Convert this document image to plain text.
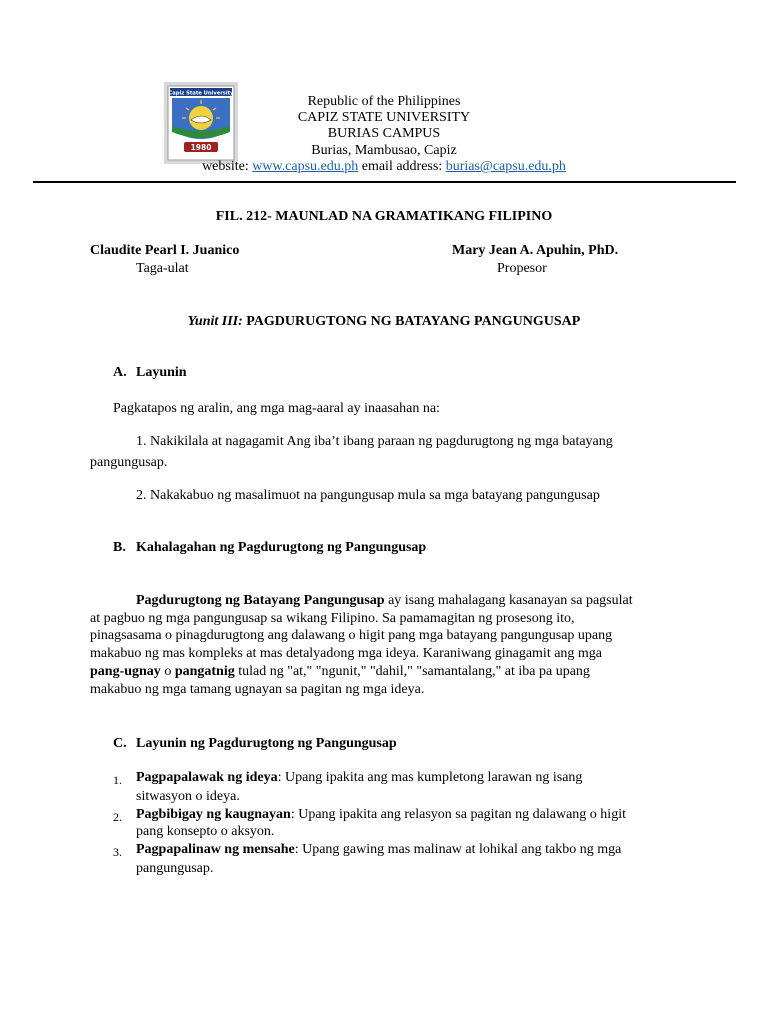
Capiz State University
1980
Republic of the Philippines
CAPIZ STATE UNIVERSITY
BURIAS CAMPUS
Burias, Mambusao, Capiz
website: www.capsu.edu.ph email address: burias@capsu.edu.ph
FIL. 212- MAUNLAD NA GRAMATIKANG FILIPINO
Claudite Pearl I. Juanico
Taga-ulat
Mary Jean A. Apuhin, PhD.
Propesor
Yunit III: PAGDURUGTONG NG BATAYANG PANGUNGUSAP
A. Layunin
Pagkatapos ng aralin, ang mga mag-aaral ay inaasahan na:
1. Nakikilala at nagagamit Ang iba’t ibang paraan ng pagdurugtong ng mga batayang
pangungusap.
2. Nakakabuo ng masalimuot na pangungusap mula sa mga batayang pangungusap
B. Kahalagahan ng Pagdurugtong ng Pangungusap
Pagdurugtong ng Batayang Pangungusap ay isang mahalagang kasanayan sa pagsulat
at pagbuo ng mga pangungusap sa wikang Filipino. Sa pamamagitan ng prosesong ito,
pinagsasama o pinagdurugtong ang dalawang o higit pang mga batayang pangungusap upang
makabuo ng mas kompleks at mas detalyadong mga ideya. Karaniwang ginagamit ang mga
pang-ugnay o pangatnig tulad ng "at," "ngunit," "dahil," "samantalang," at iba pa upang
makabuo ng mga tamang ugnayan sa pagitan ng mga ideya.
C. Layunin ng Pagdurugtong ng Pangungusap
1. Pagpapalawak ng ideya: Upang ipakita ang mas kumpletong larawan ng isang
sitwasyon o ideya.
2. Pagbibigay ng kaugnayan: Upang ipakita ang relasyon sa pagitan ng dalawang o higit
pang konsepto o aksyon.
3. Pagpapalinaw ng mensahe: Upang gawing mas malinaw at lohikal ang takbo ng mga
pangungusap.
